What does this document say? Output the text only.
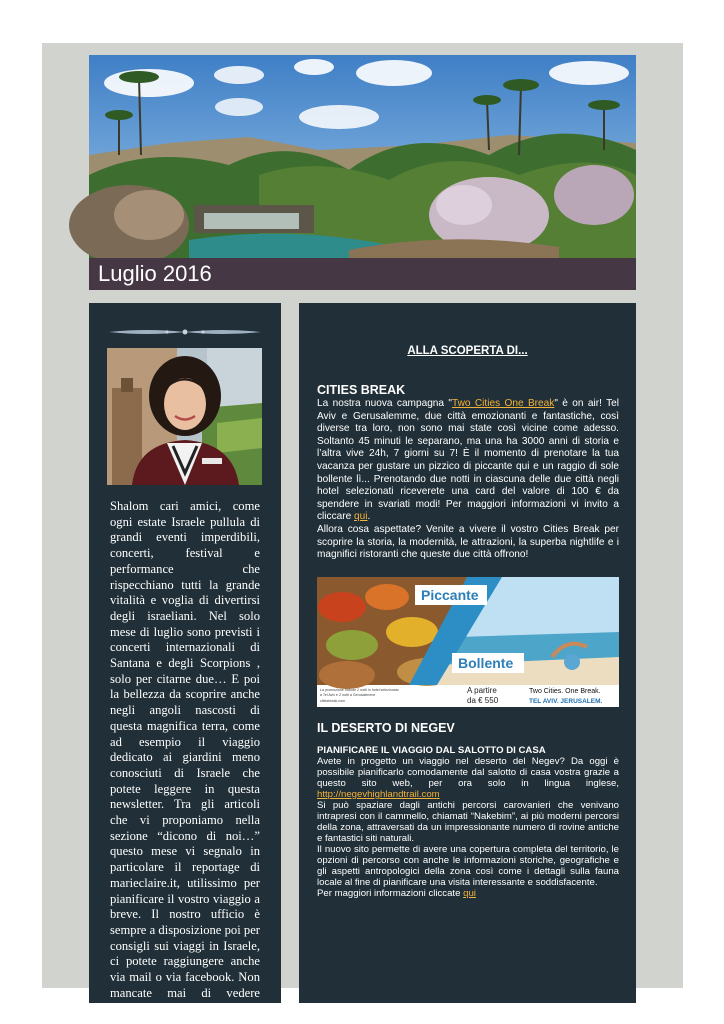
Luglio 2016

Shalom cari amici, come ogni estate Israele pullula di grandi eventi imperdibili, concerti, festival e performance che rispecchiano tutti la grande vitalità e voglia di divertirsi degli israeliani. Nel solo mese di luglio sono previsti i concerti internazionali di Santana e degli Scorpions , solo per citarne due… E poi la bellezza da scoprire anche negli angoli nascosti di questa magnifica terra, come ad esempio il viaggio dedicato ai giardini meno conosciuti di Israele che potete leggere in questa newsletter. Tra gli articoli che vi proponiamo nella sezione “dicono di noi…” questo mese vi segnalo in particolare il reportage di marieclaire.it, utilissimo per pianificare il vostro viaggio a breve. Il nostro ufficio è sempre a disposizione poi per consigli sui viaggi in Israele, ci potete raggiungere anche via mail o via facebook. Non mancate mai di vedere comunque la

ALLA SCOPERTA DI...
CITIES BREAK

La nostra nuova campagna "Two Cities One Break" è on air! Tel Aviv e Gerusalemme, due città emozionanti e fantastiche, così diverse tra loro, non sono mai state così vicine come adesso. Soltanto 45 minuti le separano, ma una ha 3000 anni di storia e l’altra vive 24h, 7 giorni su 7! È il momento di prenotare la tua vacanza per gustare un pizzico di piccante qui e un raggio di sole bollente lì... Prenotando due notti in ciascuna delle due città negli hotel selezionati riceverete una card del valore di 100 € da spendere in svariati modi! Per maggiori informazioni vi invito a cliccare qui.
Allora cosa aspettate? Venite a vivere il vostro Cities Break per scoprire la storia, la modernità, le attrazioni, la superba nightlife e i magnifici ristoranti che queste due città offrono!

Piccante
Bollente
La promozione include 2 notti in hotel selezionato
a Tel Aviv e 2 notti a Gerusalemme
citiesbreak.com
A partire
da € 550
Two Cities. One Break.
TEL AVIV. JERUSALEM.
IL DESERTO DI NEGEV

PIANIFICARE IL VIAGGIO DAL SALOTTO DI CASA
Avete in progetto un viaggio nel deserto del Negev? Da oggi è possibile pianificarlo comodamente dal salotto di casa vostra grazie a questo sito web, per ora solo in lingua inglese, http://negevhighlandtrail.com
Si può spaziare dagli antichi percorsi carovanieri che venivano intrapresi con il cammello, chiamati “Nakebim”, ai più moderni percorsi della zona, attraversati da un impressionante numero di rovine antiche e fantastici siti naturali.
Il nuovo sito permette di avere una copertura completa del territorio, le opzioni di percorso con anche le informazioni storiche, geografiche e gli aspetti antropologici della zona così come i dettagli sulla fauna locale al fine di pianificare una visita interessante e soddisfacente.
Per maggiori informazioni cliccate qui
